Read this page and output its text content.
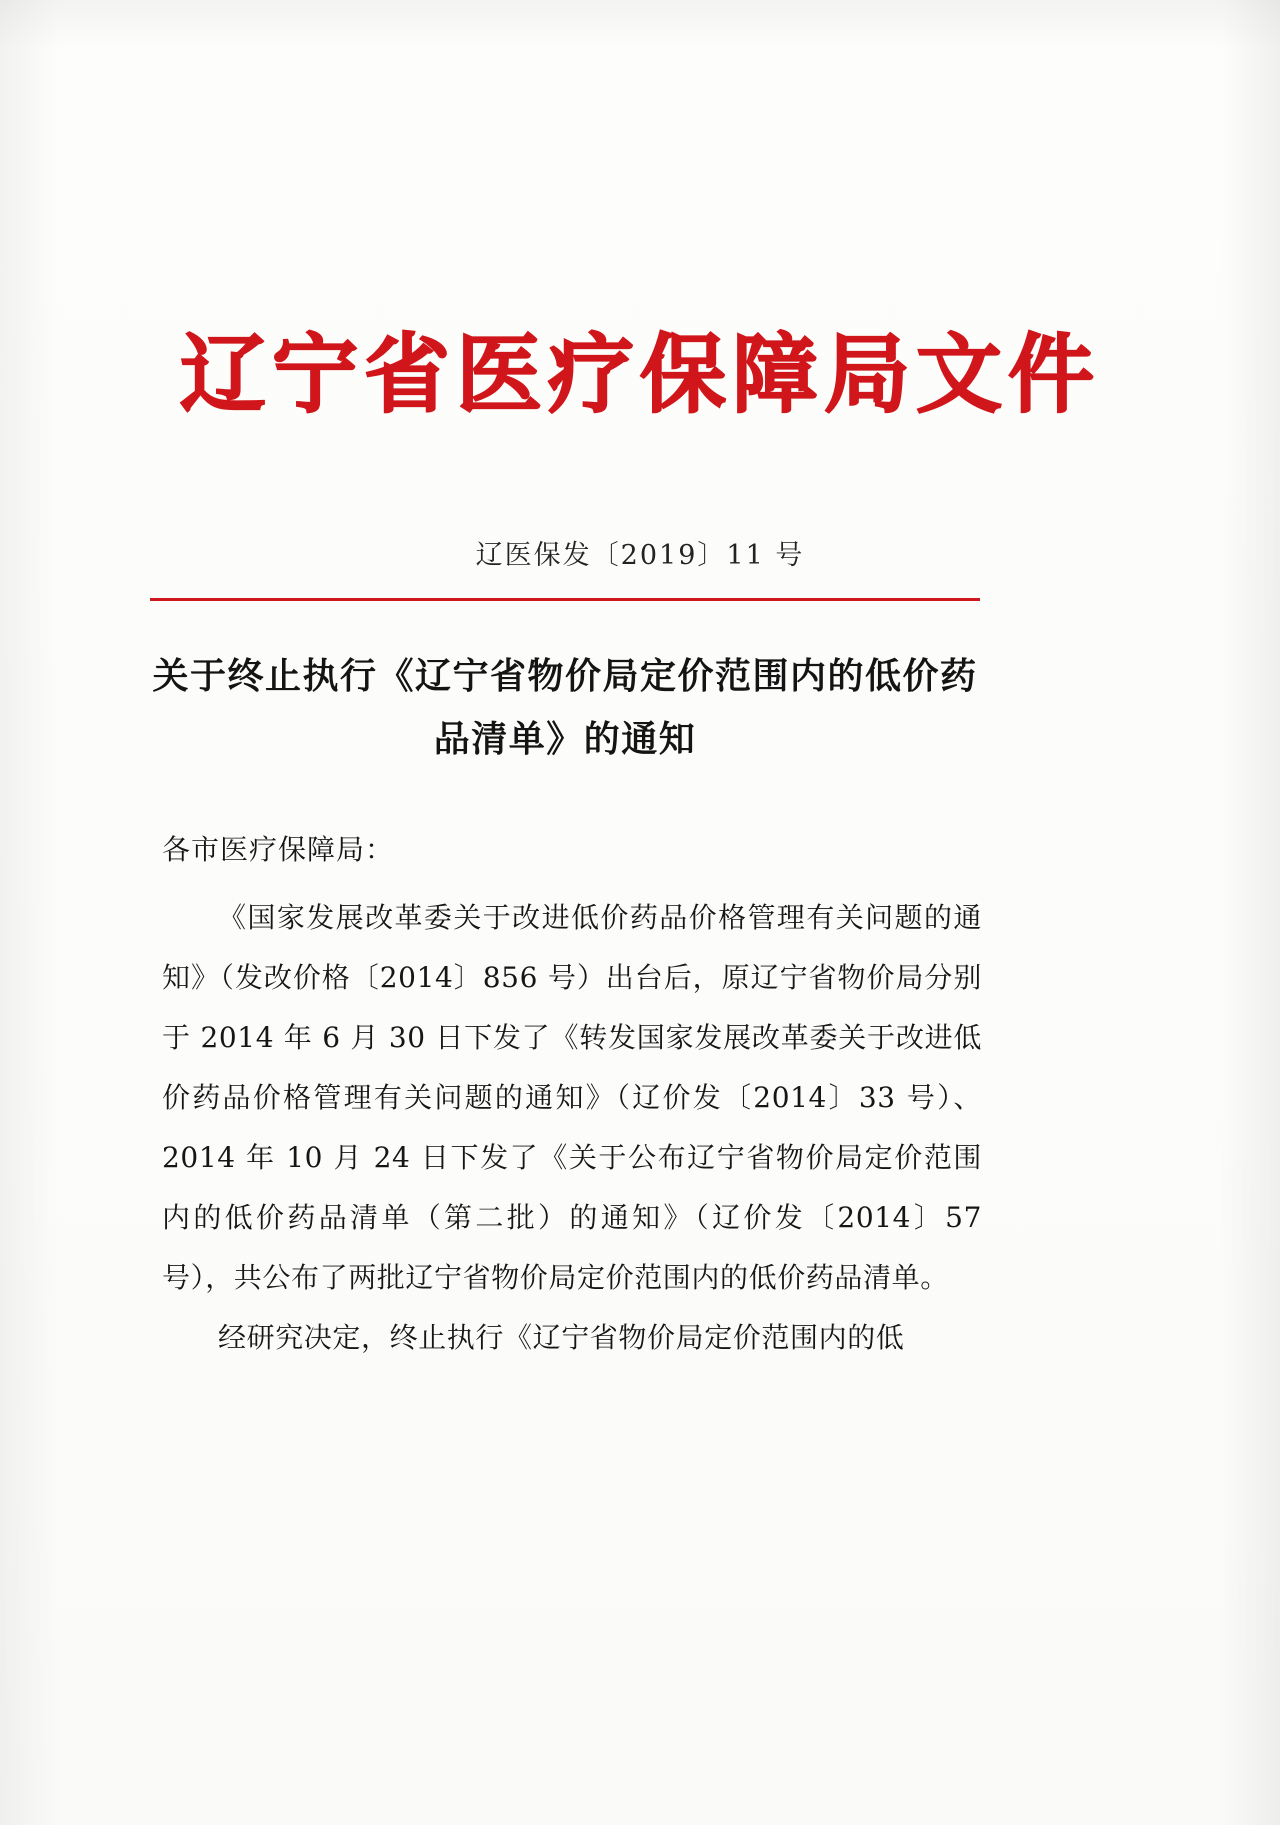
辽宁省医疗保障局文件
辽医保发〔2019〕11 号
关于终止执行《辽宁省物价局定价范围内的低价药品清单》的通知
各市医疗保障局：

《国家发展改革委关于改进低价药品价格管理有关问题的通知》（发改价格〔2014〕856 号）出台后，原辽宁省物价局分别于 2014 年 6 月 30 日下发了《转发国家发展改革委关于改进低价药品价格管理有关问题的通知》（辽价发〔2014〕33 号）、2014 年 10 月 24 日下发了《关于公布辽宁省物价局定价范围内的低价药品清单（第二批）的通知》（辽价发〔2014〕57 号），共公布了两批辽宁省物价局定价范围内的低价药品清单。

经研究决定，终止执行《辽宁省物价局定价范围内的低
